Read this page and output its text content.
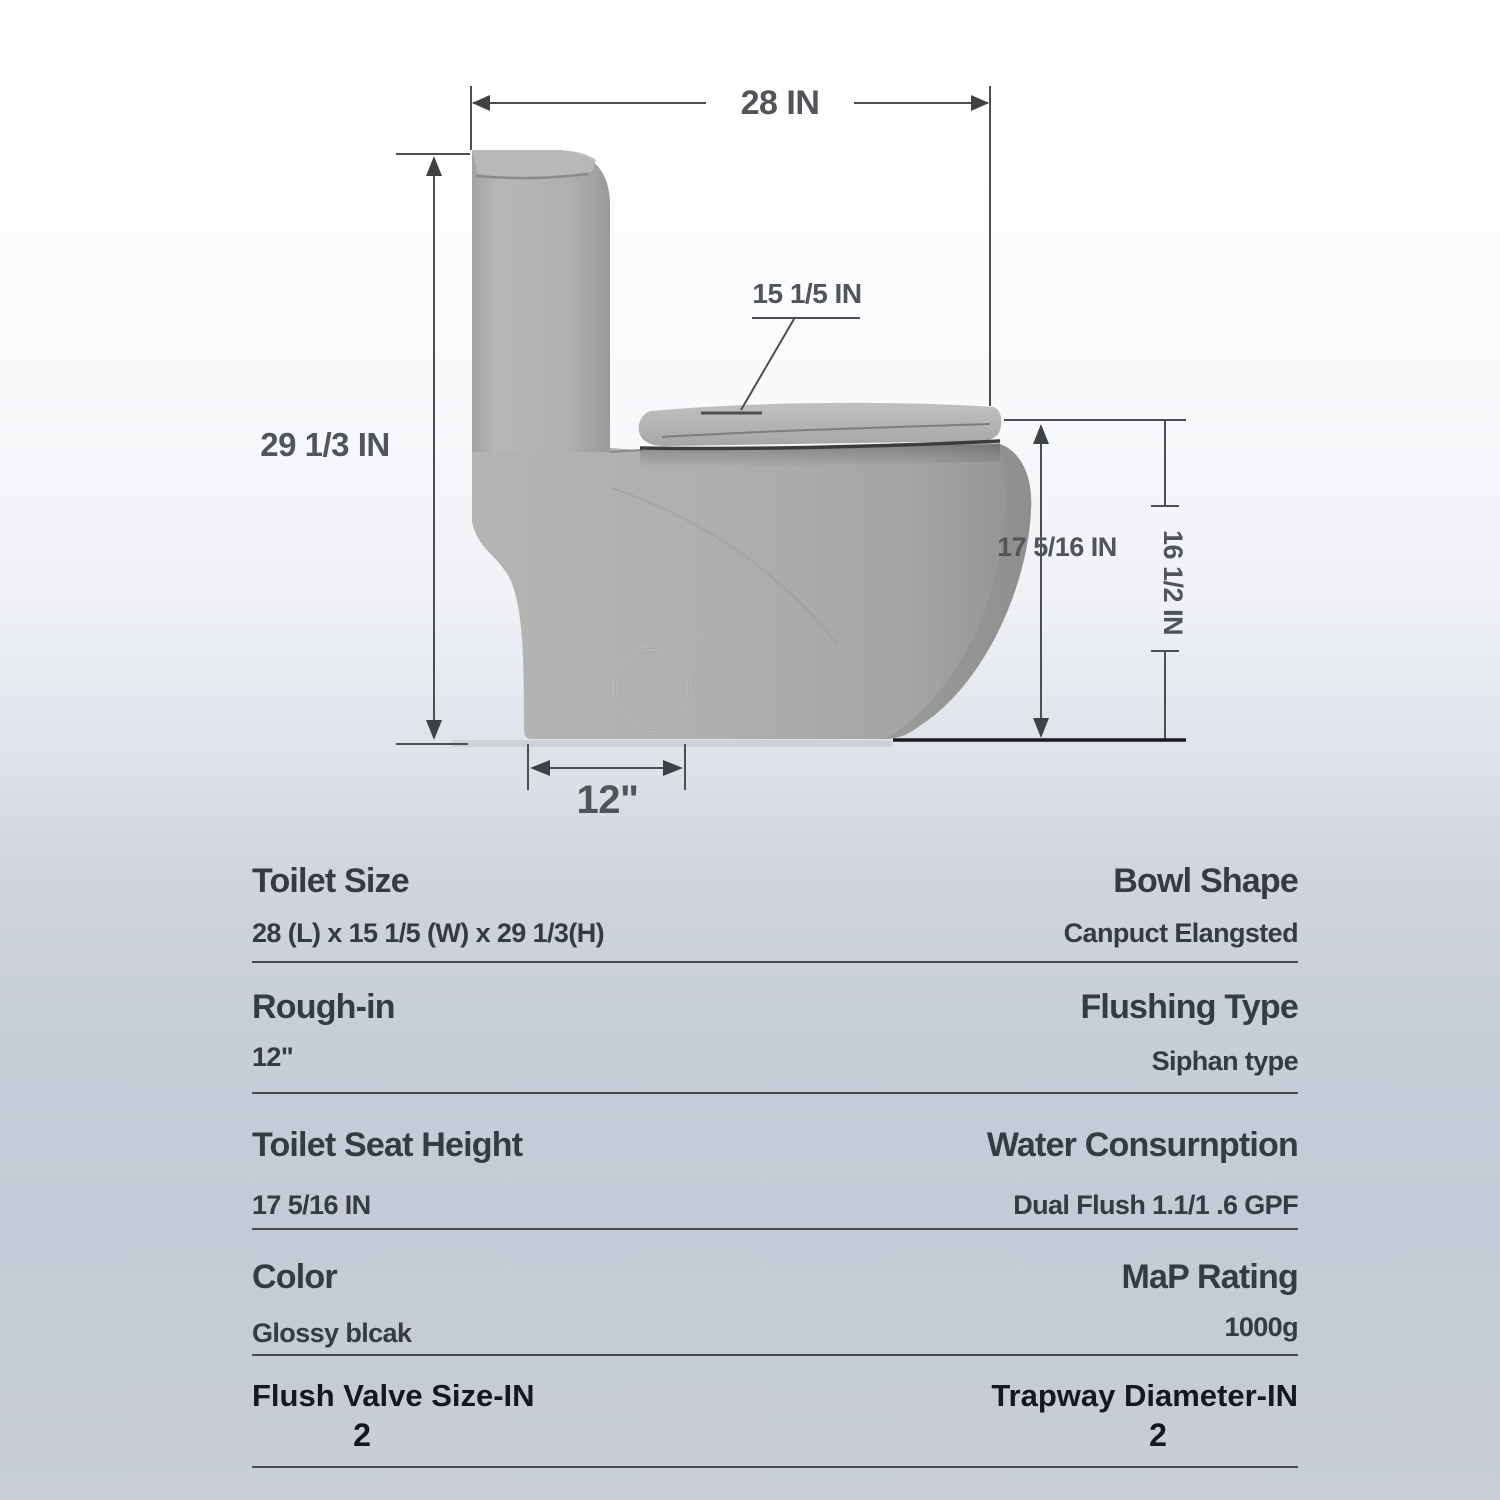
28 IN
29 1/3 IN
15 1/5 IN
17 5/16 IN	16 1/2 IN
12"
Toilet Size	Bowl Shape
28 (L) x 15 1/5 (W) x 29 1/3(H)	Canpuct Elangsted
Rough-in	Flushing Type
12"	Siphan type
Toilet Seat Height	Water Consurnption
17 5/16 IN	Dual Flush 1.1/1 .6 GPF
Color	MaP Rating
Glossy blcak	1000g
Flush Valve Size-IN	Trapway Diameter-IN
2	2
